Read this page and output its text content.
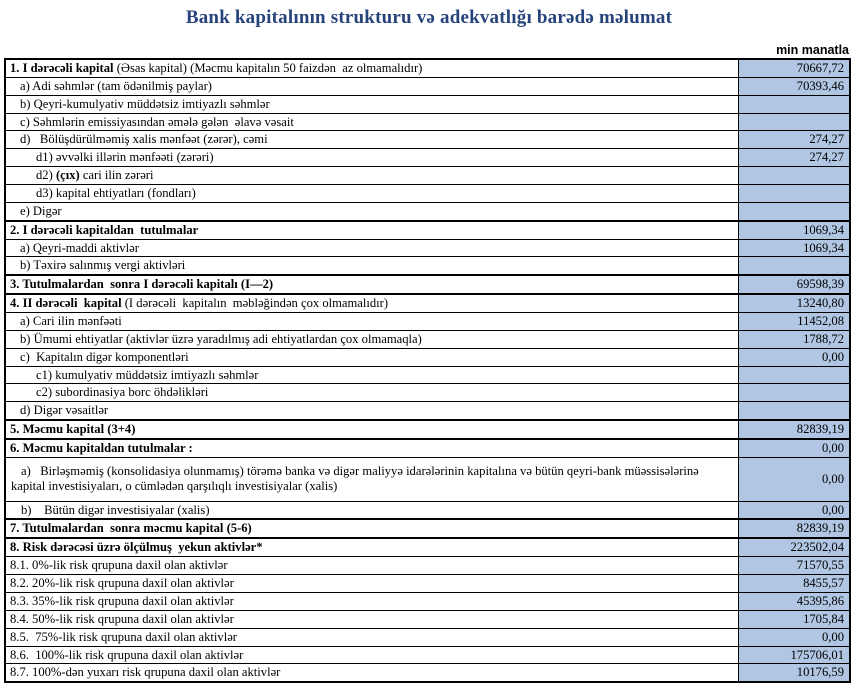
Bank kapitalının strukturu və adekvatlığı barədə məlumat
min manatla
1. I dərəcəli kapital (Əsas kapital) (Məcmu kapitalın 50 faizdən  az olmamalıdır)	70667,72
a) Adi səhmlər (tam ödənilmiş paylar)	70393,46
b) Qeyri-kumulyativ müddətsiz imtiyazlı səhmlər	
c) Səhmlərin emissiyasından əmələ gələn  əlavə vəsait	
d)   Bölüşdürülməmiş xalis mənfəət (zərər), cəmi	274,27
d1) əvvəlki illərin mənfəəti (zərəri)	274,27
d2) (çıx) cari ilin zərəri	
d3) kapital ehtiyatları (fondları)	
e) Digər	
2. I dərəcəli kapitaldan  tutulmalar	1069,34
a) Qeyri-maddi aktivlər	1069,34
b) Təxirə salınmış vergi aktivləri	
3. Tutulmalardan  sonra I dərəcəli kapitalı (I—2)	69598,39
4. II dərəcəli  kapital (I dərəcəli  kapitalın  məbləğindən çox olmamalıdır)	13240,80
a) Cari ilin mənfəəti	11452,08
b) Ümumi ehtiyatlar (aktivlər üzrə yaradılmış adi ehtiyatlardan çox olmamaqla)	1788,72
c)  Kapitalın digər komponentləri	0,00
c1) kumulyativ müddətsiz imtiyazlı səhmlər	
c2) subordinasiya borc öhdəlikləri	
d) Digər vəsaitlər	
5. Məcmu kapital (3+4)	82839,19
6. Məcmu kapitaldan tutulmalar :	0,00
a)   Birləşməmiş (konsolidasiya olunmamış) törəmə banka və digər maliyyə idarələrinin kapitalına və bütün qeyri-bank müəssisələrinə kapital investisiyaları, o cümlədən qarşılıqlı investisiyalar (xalis)	0,00
b)    Bütün digər investisiyalar (xalis)	0,00
7. Tutulmalardan  sonra məcmu kapital (5-6)	82839,19
8. Risk dərəcəsi üzrə ölçülmuş  yekun aktivlər*	223502,04
8.1. 0%-lik risk qrupuna daxil olan aktivlər	71570,55
8.2. 20%-lik risk qrupuna daxil olan aktivlər	8455,57
8.3. 35%-lik risk qrupuna daxil olan aktivlər	45395,86
8.4. 50%-lik risk qrupuna daxil olan aktivlər	1705,84
8.5.  75%-lik risk qrupuna daxil olan aktivlər	0,00
8.6.  100%-lik risk qrupuna daxil olan aktivlər	175706,01
8.7. 100%-dən yuxarı risk qrupuna daxil olan aktivlər	10176,59
